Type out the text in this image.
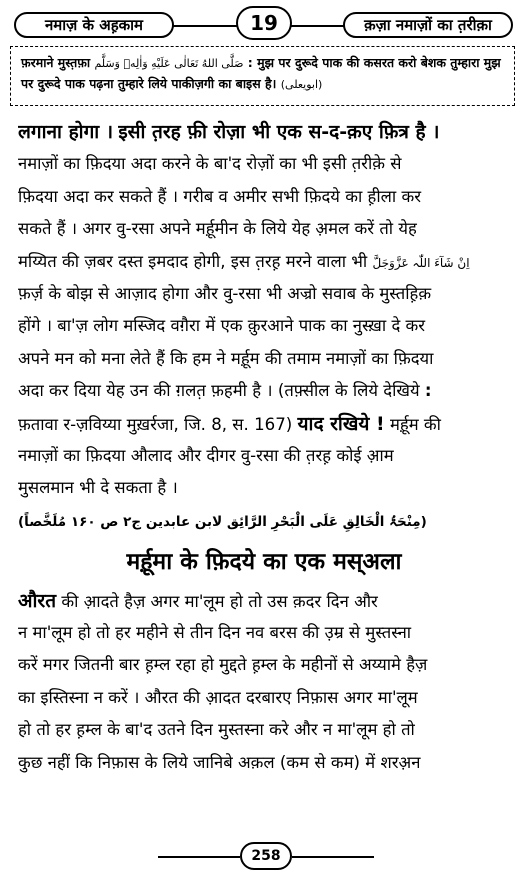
नमाज़ के अह़काम	19	क़ज़ा नमाज़ों का त़रीक़ा
फ़रमाने मुस्त़फ़ा صَلَّی اللهُ تَعَالٰی عَلَیْهِ وَاٰلِهٖ وَسَلَّم : मुझ पर दुरूदे पाक की कसरत करो बेशक तुम्हारा मुझ पर दुरूदे पाक पढ़ना तुम्हारे लिये पाकीज़गी का बाइस है। (ابویعلی)
लगाना होगा । इसी त़रह फ़ी रोज़ा भी एक स-द-क़ए फ़ित्र है ।
नमाज़ों का फ़िदया अदा करने के बा'द रोज़ों का भी इसी त़रीक़े से
फ़िदया अदा कर सकते हैं । गरीब व अमीर सभी फ़िदये का ह़ीला कर
सकते हैं । अगर वु-रसा अपने मर्ह़ूमीन के लिये येह अ़मल करें तो येह
मय्यित की ज़बर दस्त इमदाद होगी, इस त़रह़ मरने वाला भी اِنْ شَآءَ اللّٰہ عَزَّوَجَلَّ
फ़र्ज़ के बोझ से आज़ाद होगा और वु-रसा भी अज्रो सवाब के मुस्तह़िक़
होंगे । बा'ज़ लोग मस्जिद वग़ैरा में एक क़ुरआने पाक का नुस्ख़ा दे कर
अपने मन को मना लेते हैं कि हम ने मर्ह़ूम की तमाम नमाज़ों का फ़िदया
अदा कर दिया येह उन की ग़लत़ फ़हमी है । (तफ़्सील के लिये देखिये :
फ़तावा र-ज़विय्या मुख़र्रजा, जि. 8, स. 167) याद रखिये ! मर्ह़ूम की
नमाज़ों का फ़िदया औलाद और दीगर वु-रसा की त़रह़ कोई आ़म
मुसलमान भी दे सकता है ।
(مِنْحَۃُ الْخَالِقِ عَلَی الْبَحْرِ الرَّائِق لابن عابدین ج۲ ص ۱۶۰ مُلَخَّصاً)
मर्ह़ूमा के फ़िदये का एक मस्अला
औरत की आ़दते हैज़ अगर मा'लूम हो तो उस क़दर दिन और
न मा'लूम हो तो हर महीने से तीन दिन नव बरस की उ़म्र से मुस्तस्ना
करें मगर जितनी बार ह़म्ल रहा हो मुद्दते ह़म्ल के महीनों से अय्यामे हैज़
का इस्तिस्ना न करें । औरत की आ़दत दरबारए निफ़ास अगर मा'लूम
हो तो हर ह़म्ल के बा'द उतने दिन मुस्तस्ना करे और न मा'लूम हो तो
कुछ नहीं कि निफ़ास के लिये जानिबे अक़ल (कम से कम) में शरअ़न
258
